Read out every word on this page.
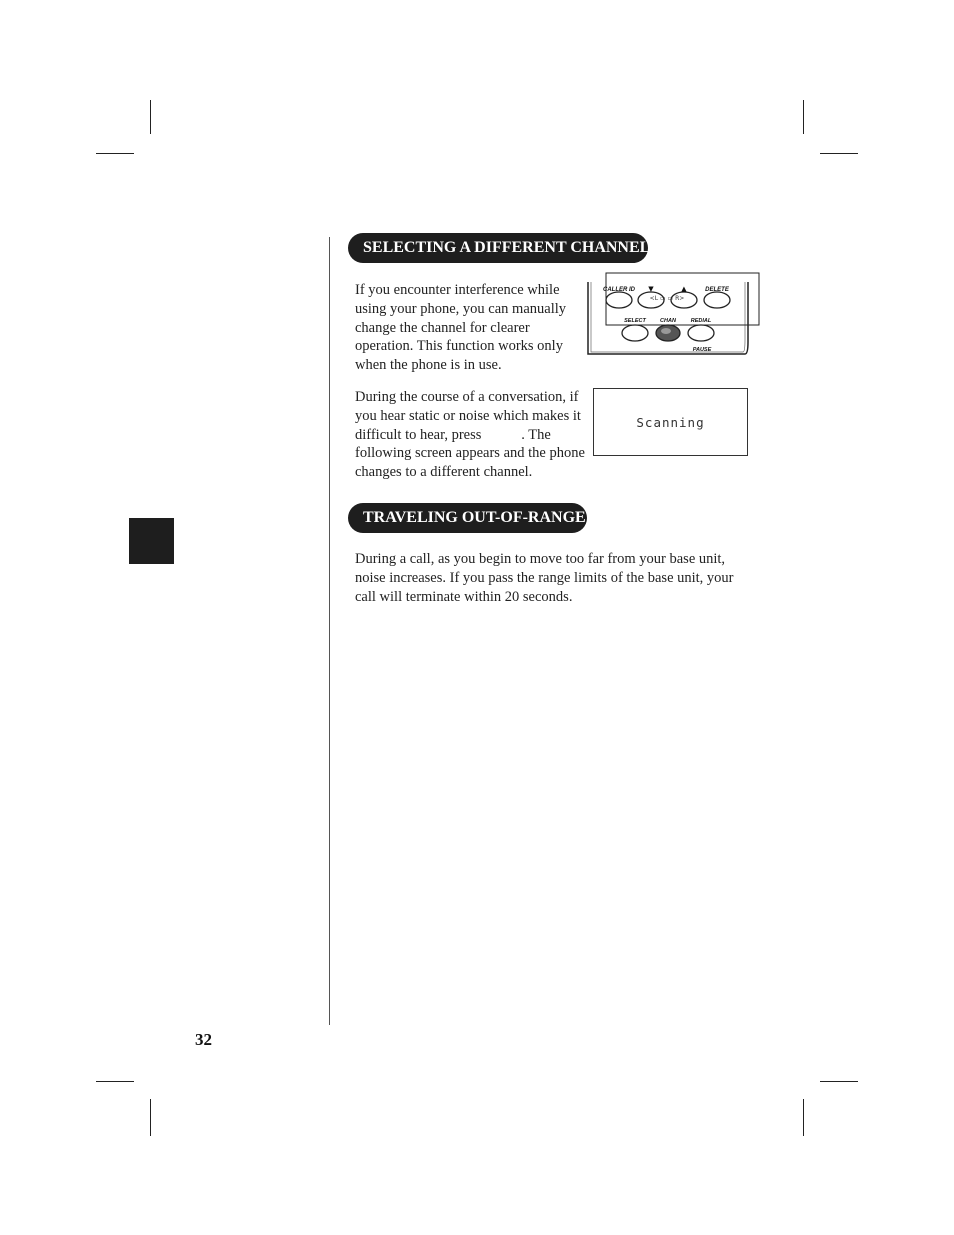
SELECTING A DIFFERENT CHANNEL
If you encounter interference while using your phone, you can manually change the channel for clearer operation. This function works only when the phone is in use.
CALLER ID ▼	▲	DELETE
<L ▭ ▭ R>
SELECT	CHAN	REDIAL
PAUSE
During the course of a conversation, if you hear static or noise which makes it difficult to hear, press           . The following screen appears and the phone changes to a different channel.
Scanning
TRAVELING OUT-OF-RANGE
During a call, as you begin to move too far from your base unit, noise increases. If you pass the range limits of the base unit, your call will terminate within 20 seconds.
32
